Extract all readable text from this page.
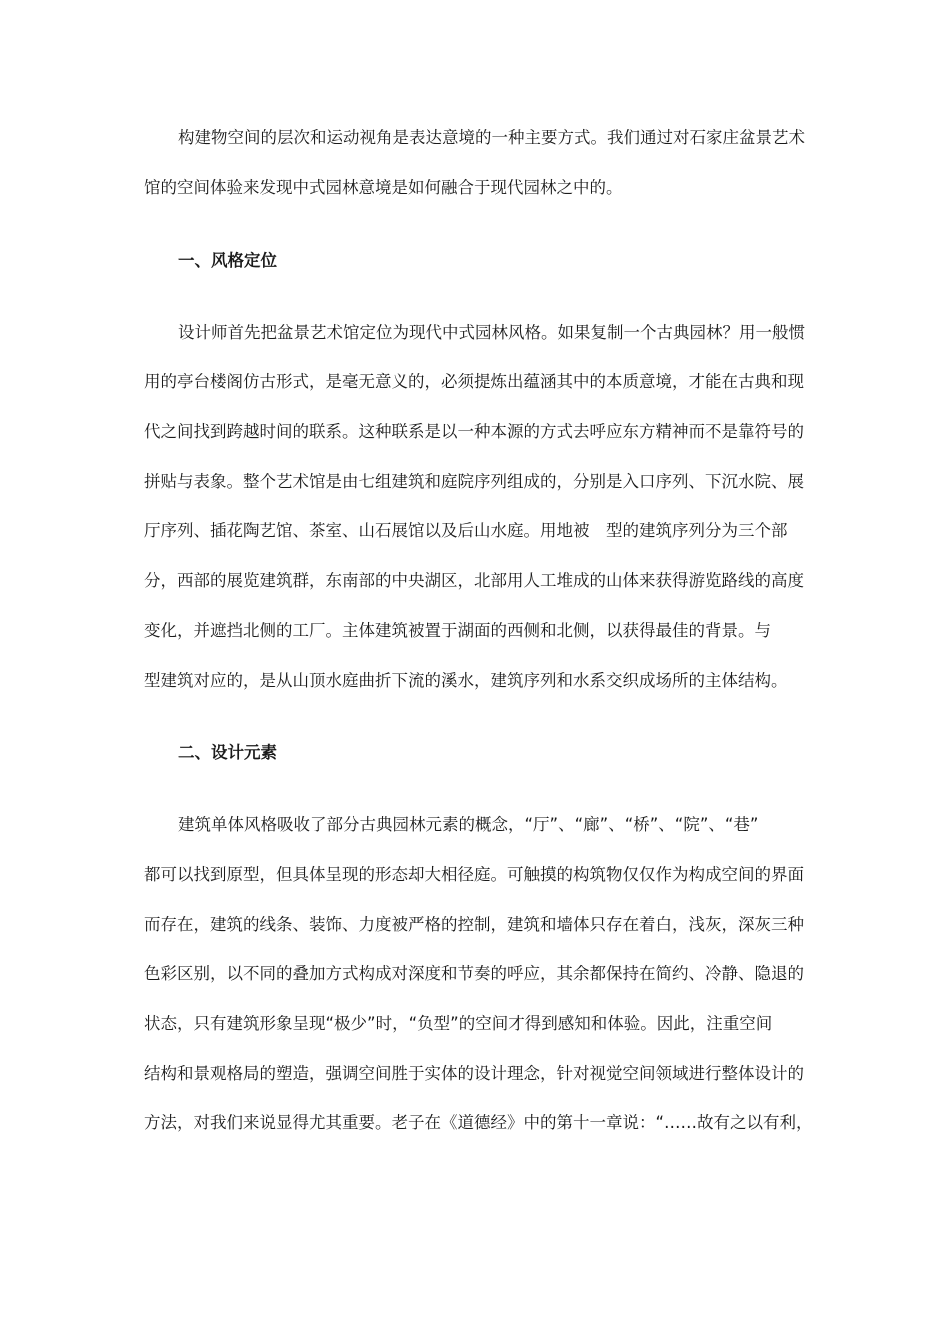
构建物空间的层次和运动视角是表达意境的一种主要方式。我们通过对石家庄盆景艺术
馆的空间体验来发现中式园林意境是如何融合于现代园林之中的。
一、风格定位
设计师首先把盆景艺术馆定位为现代中式园林风格。如果复制一个古典园林？用一般惯
用的亭台楼阁仿古形式，是毫无意义的，必须提炼出蕴涵其中的本质意境，才能在古典和现
代之间找到跨越时间的联系。这种联系是以一种本源的方式去呼应东方精神而不是靠符号的
拼贴与表象。整个艺术馆是由七组建筑和庭院序列组成的，分别是入口序列、下沉水院、展
厅序列、插花陶艺馆、茶室、山石展馆以及后山水庭。用地被　型的建筑序列分为三个部
分，西部的展览建筑群，东南部的中央湖区，北部用人工堆成的山体来获得游览路线的高度
变化，并遮挡北侧的工厂。主体建筑被置于湖面的西侧和北侧，以获得最佳的背景。与
型建筑对应的，是从山顶水庭曲折下流的溪水，建筑序列和水系交织成场所的主体结构。
二、设计元素
建筑单体风格吸收了部分古典园林元素的概念，“厅”、“廊”、“桥”、“院”、“巷”
都可以找到原型，但具体呈现的形态却大相径庭。可触摸的构筑物仅仅作为构成空间的界面
而存在，建筑的线条、装饰、力度被严格的控制，建筑和墙体只存在着白，浅灰，深灰三种
色彩区别，以不同的叠加方式构成对深度和节奏的呼应，其余都保持在简约、冷静、隐退的
状态，只有建筑形象呈现“极少”时，“负型”的空间才得到感知和体验。因此，注重空间
结构和景观格局的塑造，强调空间胜于实体的设计理念，针对视觉空间领域进行整体设计的
方法，对我们来说显得尤其重要。老子在《道德经》中的第十一章说：“……故有之以有利，
